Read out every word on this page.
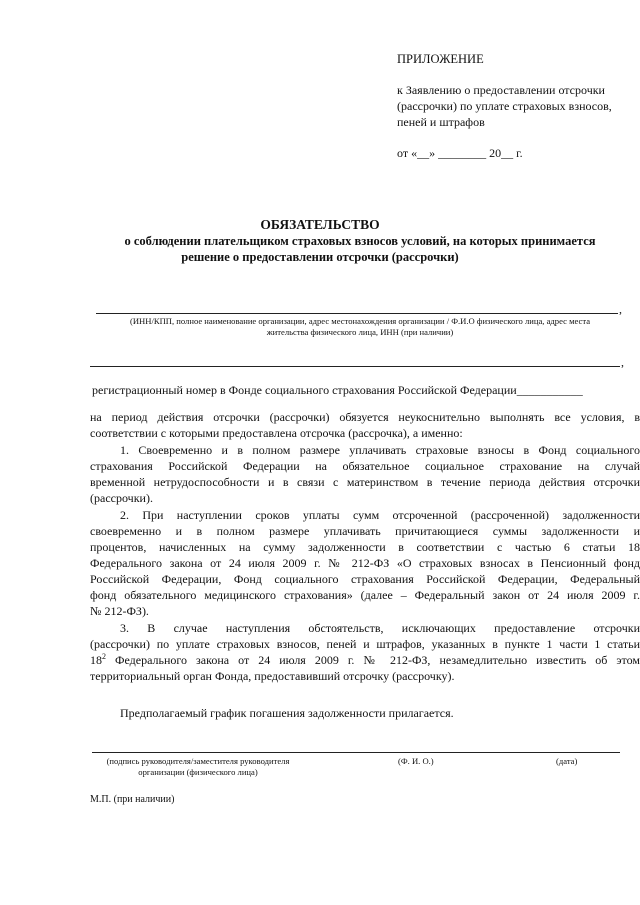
ПРИЛОЖЕНИЕ
к Заявлению о предоставлении отсрочки
(рассрочки) по уплате страховых взносов,
пеней и штрафов
от «__» ________ 20__ г.
ОБЯЗАТЕЛЬСТВО
о соблюдении плательщиком страховых взносов условий, на которых принимается
решение о предоставлении отсрочки (рассрочки)
,
(ИНН/КПП, полное наименование организации, адрес местонахождения организации / Ф.И.О физического лица, адрес места
жительства физического лица, ИНН (при наличии)
,
регистрационный номер в Фонде социального страхования Российской Федерации___________
на период действия отсрочки (рассрочки) обязуется неукоснительно выполнять все условия, в
соответствии с которыми предоставлена отсрочка (рассрочка), а именно:
1. Своевременно и в полном размере уплачивать страховые взносы в Фонд социального
страхования Российской Федерации на обязательное социальное страхование на случай
временной нетрудоспособности и в связи с материнством в течение периода действия отсрочки
(рассрочки).
2. При наступлении сроков уплаты сумм отсроченной (рассроченной) задолженности
своевременно и в полном размере уплачивать причитающиеся суммы задолженности и
процентов, начисленных на сумму задолженности в соответствии с частью 6 статьи 18
Федерального закона от 24 июля 2009 г. № 212-ФЗ «О страховых взносах в Пенсионный фонд
Российской Федерации, Фонд социального страхования Российской Федерации, Федеральный
фонд обязательного медицинского страхования» (далее – Федеральный закон от 24 июля 2009 г.
№ 212-ФЗ).
3. В случае наступления обстоятельств, исключающих предоставление отсрочки
(рассрочки) по уплате страховых взносов, пеней и штрафов, указанных в пункте 1 части 1 статьи
18 2 Федерального закона от 24 июля 2009 г. № 212-ФЗ, незамедлительно известить об этом
территориальный орган Фонда, предоставивший отсрочку (рассрочку).
Предполагаемый график погашения задолженности прилагается.
(подпись руководителя/заместителя руководителя
организации (физического лица)
(Ф. И. О.)	(дата)
М.П. (при наличии)
